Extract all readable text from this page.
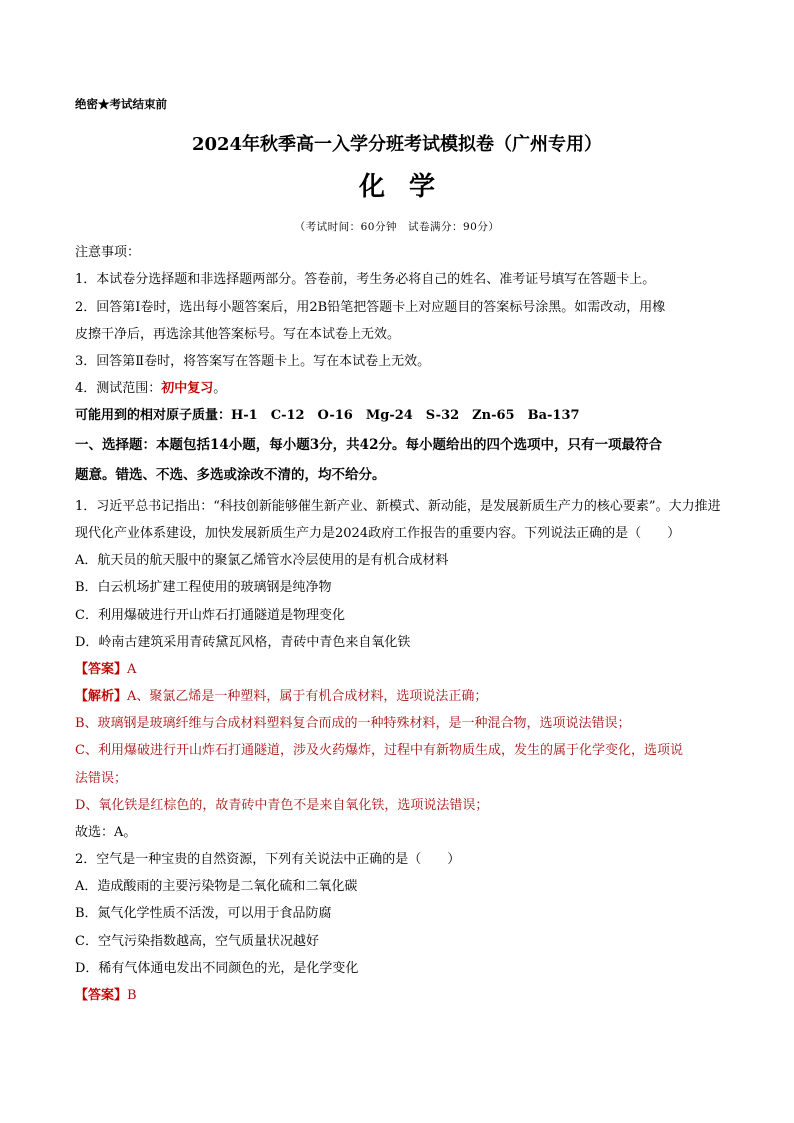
绝密★考试结束前
2024年秋季高一入学分班考试模拟卷（广州专用）
化学
（考试时间：60分钟　试卷满分：90分）
注意事项：
1．本试卷分选择题和非选择题两部分。答卷前，考生务必将自己的姓名、准考证号填写在答题卡上。
2．回答第Ⅰ卷时，选出每小题答案后，用2B铅笔把答题卡上对应题目的答案标号涂黑。如需改动，用橡
皮擦干净后，再选涂其他答案标号。写在本试卷上无效。
3．回答第Ⅱ卷时，将答案写在答题卡上。写在本试卷上无效。
4．测试范围：初中复习。
可能用到的相对原子质量：H-1　C-12　O-16　Mg-24　S-32　Zn-65　Ba-137
一、选择题：本题包括14小题，每小题3分，共42分。每小题给出的四个选项中，只有一项最符合
题意。错选、不选、多选或涂改不清的，均不给分。
1．习近平总书记指出：“科技创新能够催生新产业、新模式、新动能，是发展新质生产力的核心要素”。大力推进
现代化产业体系建设，加快发展新质生产力是2024政府工作报告的重要内容。下列说法正确的是（　　）
A．航天员的航天服中的聚氯乙烯管水冷层使用的是有机合成材料
B．白云机场扩建工程使用的玻璃钢是纯净物
C．利用爆破进行开山炸石打通隧道是物理变化
D．岭南古建筑采用青砖黛瓦风格，青砖中青色来自氧化铁
【答案】A
【解析】A、聚氯乙烯是一种塑料，属于有机合成材料，选项说法正确；
B、玻璃钢是玻璃纤维与合成材料塑料复合而成的一种特殊材料，是一种混合物，选项说法错误；
C、利用爆破进行开山炸石打通隧道，涉及火药爆炸，过程中有新物质生成，发生的属于化学变化，选项说
法错误；
D、氧化铁是红棕色的，故青砖中青色不是来自氧化铁，选项说法错误；
故选：A。
2．空气是一种宝贵的自然资源，下列有关说法中正确的是（　　）
A．造成酸雨的主要污染物是二氧化硫和二氧化碳
B．氮气化学性质不活泼，可以用于食品防腐
C．空气污染指数越高，空气质量状况越好
D．稀有气体通电发出不同颜色的光，是化学变化
【答案】B
